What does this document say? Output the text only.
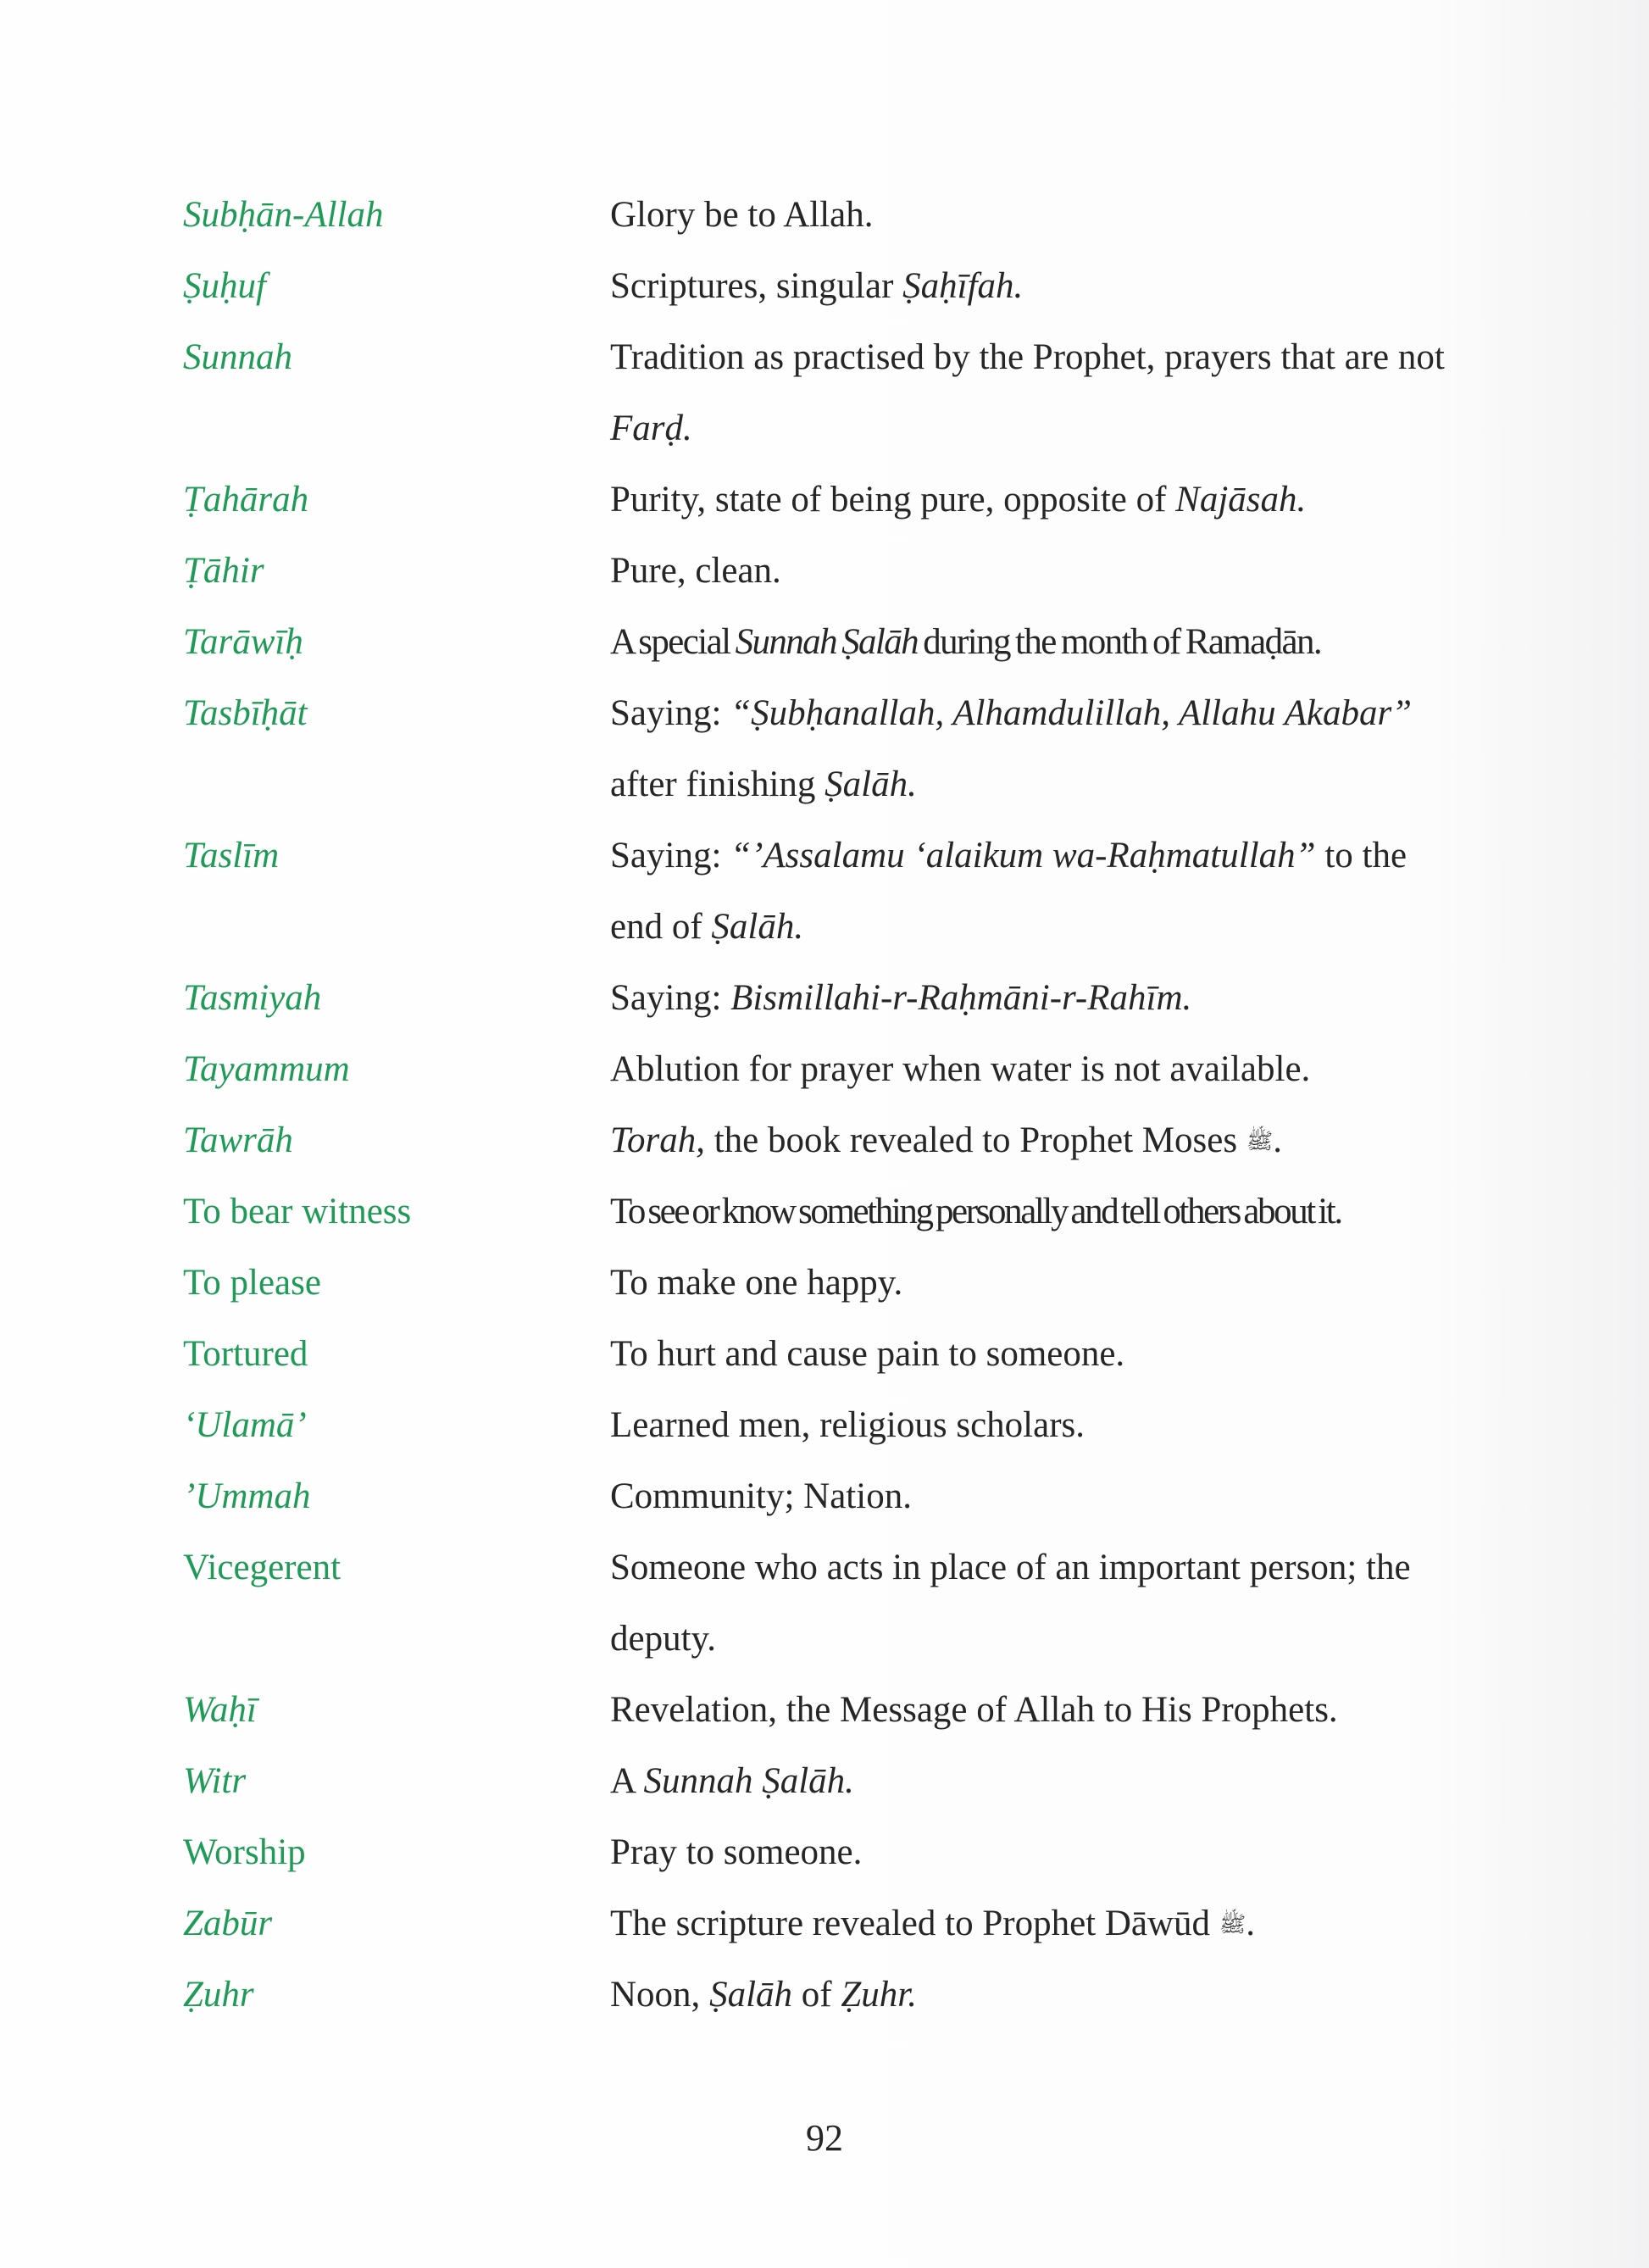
Subḥān-Allah	Glory be to Allah.
Ṣuḥuf	Scriptures, singular Ṣaḥīfah.
Sunnah	Tradition as practised by the Prophet, prayers that are not Farḍ.
Ṭahārah	Purity, state of being pure, opposite of Najāsah.
Ṭāhir	Pure, clean.
Tarāwīḥ	A special Sunnah Ṣalāh during the month of Ramaḍān.
Tasbīḥāt	Saying: “Ṣubḥanallah, Alhamdulillah, Allahu Akabar” after finishing Ṣalāh.
Taslīm	Saying: “’Assalamu ‘alaikum wa-Raḥmatullah” to the end of Ṣalāh.
Tasmiyah	Saying: Bismillahi-r-Raḥmāni-r-Rahīm.
Tayammum	Ablution for prayer when water is not available.
Tawrāh	Torah, the book revealed to Prophet Moses ﷺ.
To bear witness	To see or know something personally and tell others about it.
To please	To make one happy.
Tortured	To hurt and cause pain to someone.
‘Ulamā’	Learned men, religious scholars.
’Ummah	Community; Nation.
Vicegerent	Someone who acts in place of an important person; the deputy.
Waḥī	Revelation, the Message of Allah to His Prophets.
Witr	A Sunnah Ṣalāh.
Worship	Pray to someone.
Zabūr	The scripture revealed to Prophet Dāwūd ﷺ.
Ẓuhr	Noon, Ṣalāh of Ẓuhr.
92
